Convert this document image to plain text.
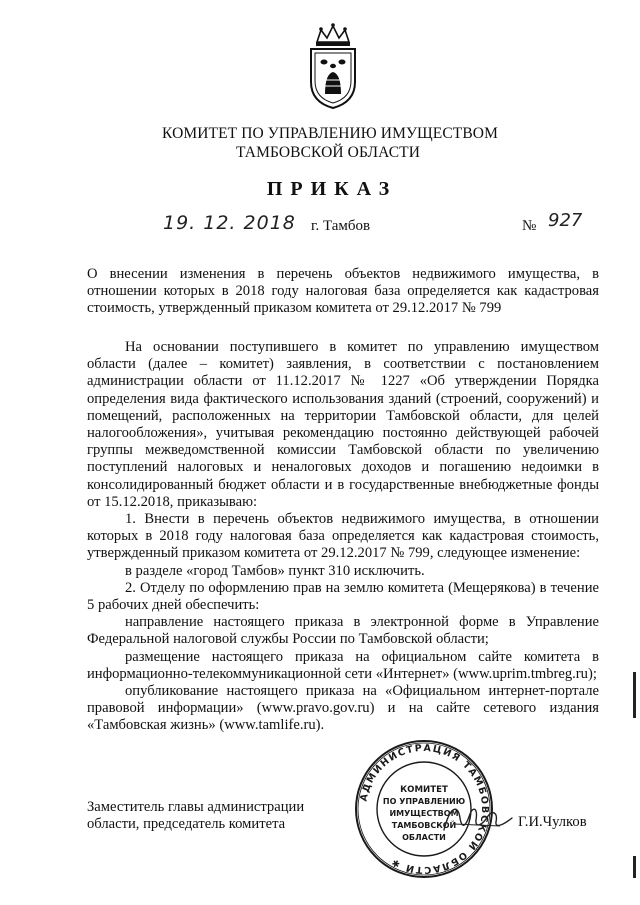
КОМИТЕТ ПО УПРАВЛЕНИЮ ИМУЩЕСТВОМ
ТАМБОВСКОЙ ОБЛАСТИ
ПРИКАЗ
19. 12. 2018 г. Тамбов	№ 927
О внесении изменения в перечень объектов недвижимого имущества, в отношении которых в 2018 году налоговая база определяется как кадастровая стоимость, утвержденный приказом комитета от 29.12.2017 № 799

На основании поступившего в комитет по управлению имуществом области (далее – комитет) заявления, в соответствии с постановлением администрации области от 11.12.2017 № 1227 «Об утверждении Порядка определения вида фактического использования зданий (строений, сооружений) и помещений, расположенных на территории Тамбовской области, для целей налогообложения», учитывая рекомендацию постоянно действующей рабочей группы межведомственной комиссии Тамбовской области по увеличению поступлений налоговых и неналоговых доходов и погашению недоимки в консолидированный бюджет области и в государственные внебюджетные фонды от 15.12.2018, приказываю:

1. Внести в перечень объектов недвижимого имущества, в отношении которых в 2018 году налоговая база определяется как кадастровая стоимость, утвержденный приказом комитета от 29.12.2017 № 799, следующее изменение:

в разделе «город Тамбов» пункт 310 исключить.

2. Отделу по оформлению прав на землю комитета (Мещерякова) в течение 5 рабочих дней обеспечить:

направление настоящего приказа в электронной форме в Управление Федеральной налоговой службы России по Тамбовской области;

размещение настоящего приказа на официальном сайте комитета в информационно-телекоммуникационной сети «Интернет» (www.uprim.tmbreg.ru);

опубликование настоящего приказа на «Официальном интернет-портале правовой информации» (www.pravo.gov.ru) и на сайте сетевого издания «Тамбовская жизнь» (www.tamlife.ru).

Заместитель главы администрации
области, председатель комитета
АДМИНИСТРАЦИЯ ТАМБОВСКОЙ ОБЛАСТИ ✱
КОМИТЕТ
ПО УПРАВЛЕНИЮ
ИМУЩЕСТВОМ
ТАМБОВСКОЙ
ОБЛАСТИ
Г.И.Чулков
